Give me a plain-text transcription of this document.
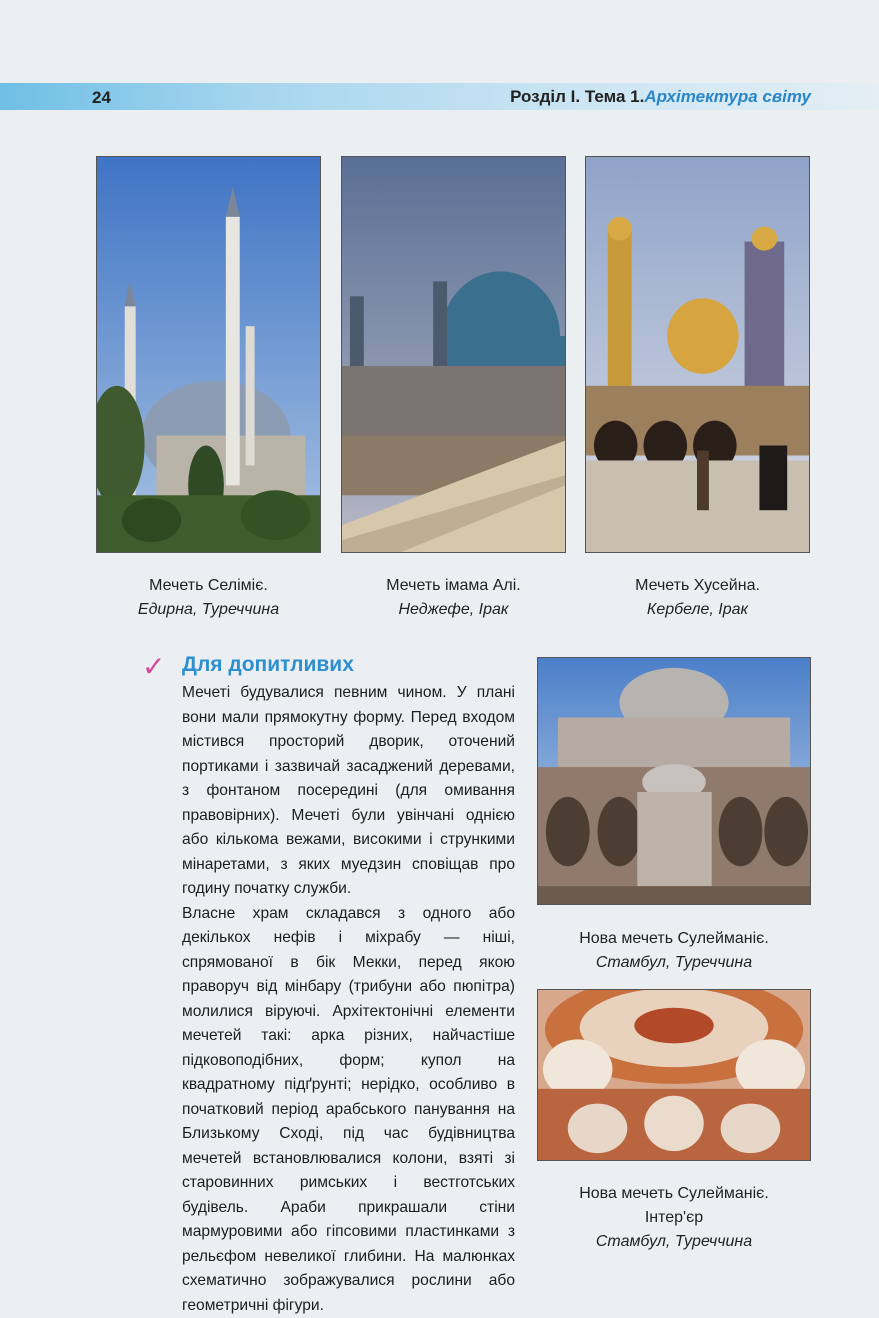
24	Розділ І. Тема 1.Архітектура світу
Мечеть Селіміє.
Едирна, Туреччина
Мечеть імама Алі.
Неджефе, Ірак
Мечеть Хусейна.
Кербеле, Ірак
✓ Для допитливих

Мечеті будувалися певним чином. У плані вони мали прямокутну форму. Перед входом містився просторий дворик, оточений портиками і зазвичай засаджений деревами, з фонтаном посередині (для омивання правовірних). Мечеті були увінчані однією або кількома вежами, високими і стрункими мінаретами, з яких муедзин сповіщав про годину початку служби.

Власне храм складався з одного або декількох нефів і міхрабу — ніші, спрямованої в бік Мекки, перед якою праворуч від мінбару (трибуни або пюпітра) молилися віруючі. Архітектонічні елементи мечетей такі: арка різних, найчастіше підковоподібних, форм; купол на квадратному підґрунті; нерідко, особливо в початковий період арабського панування на Близькому Сході, під час будівництва мечетей встановлювалися колони, взяті зі старовинних римських і вестготських будівель. Араби прикрашали стіни мармуровими або гіпсовими пластинками з рельєфом невеликої глибини. На малюнках схематично зображувалися рослини або геометричні фігури.

Нова мечеть Сулейманіє.
Стамбул, Туреччина
Нова мечеть Сулейманіє.
Інтер'єр
Стамбул, Туреччина
